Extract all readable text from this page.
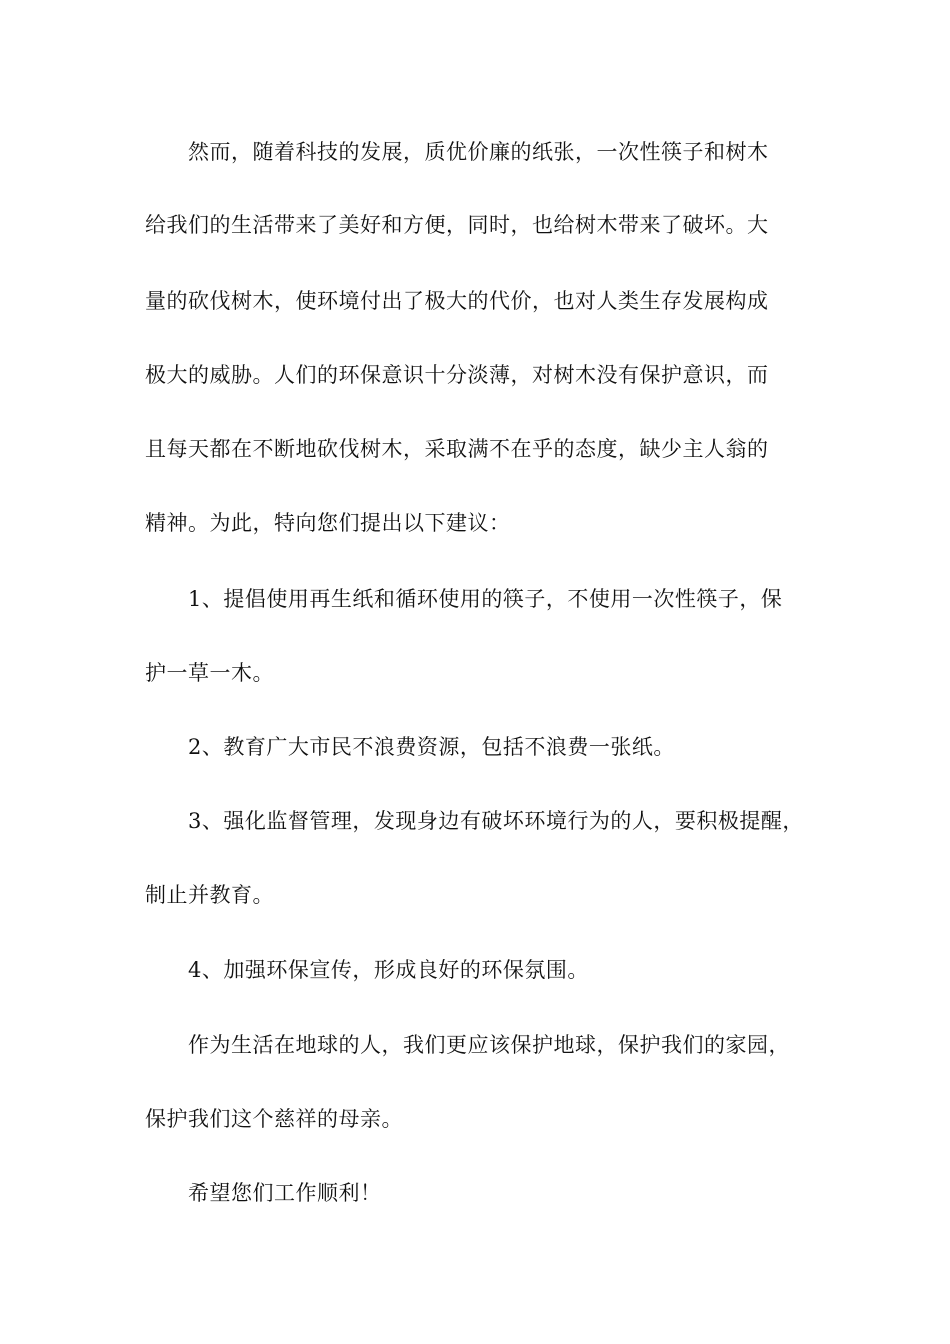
然而，随着科技的发展，质优价廉的纸张，一次性筷子和树木
给我们的生活带来了美好和方便，同时，也给树木带来了破坏。大
量的砍伐树木，使环境付出了极大的代价，也对人类生存发展构成
极大的威胁。人们的环保意识十分淡薄，对树木没有保护意识，而
且每天都在不断地砍伐树木，采取满不在乎的态度，缺少主人翁的
精神。为此，特向您们提出以下建议：
1、提倡使用再生纸和循环使用的筷子，不使用一次性筷子，保
护一草一木。
2、教育广大市民不浪费资源，包括不浪费一张纸。
3、强化监督管理，发现身边有破坏环境行为的人，要积极提醒，
制止并教育。
4、加强环保宣传，形成良好的环保氛围。
作为生活在地球的人，我们更应该保护地球，保护我们的家园，
保护我们这个慈祥的母亲。
希望您们工作顺利！
